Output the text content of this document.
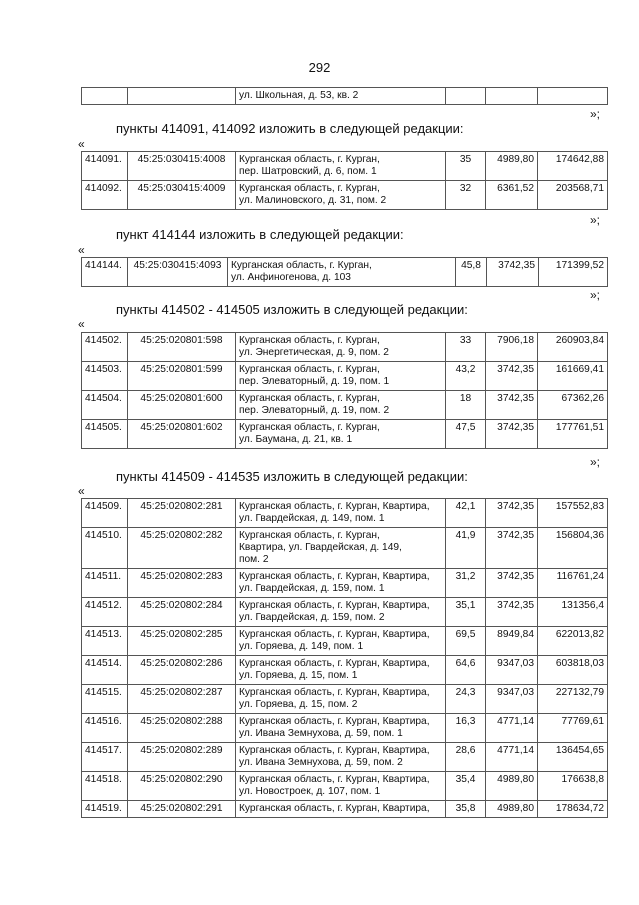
292
		ул. Школьная, д. 53, кв. 2			
»;
пункты 414091, 414092 изложить в следующей редакции:
«
414091.	45:25:030415:4008	Курганская область, г. Курган,
пер. Шатровский, д. 6, пом. 1	35	4989,80	174642,88
414092.	45:25:030415:4009	Курганская область, г. Курган,
ул. Малиновского, д. 31, пом. 2	32	6361,52	203568,71
»;
пункт 414144 изложить в следующей редакции:
«
414144.	45:25:030415:4093	Курганская область, г. Курган,
ул. Анфиногенова, д. 103	45,8	3742,35	171399,52
»;
пункты 414502 - 414505 изложить в следующей редакции:
«
414502.	45:25:020801:598	Курганская область, г. Курган,
ул. Энергетическая, д. 9, пом. 2	33	7906,18	260903,84
414503.	45:25:020801:599	Курганская область, г. Курган,
пер. Элеваторный, д. 19, пом. 1	43,2	3742,35	161669,41
414504.	45:25:020801:600	Курганская область, г. Курган,
пер. Элеваторный, д. 19, пом. 2	18	3742,35	67362,26
414505.	45:25:020801:602	Курганская область, г. Курган,
ул. Баумана, д. 21, кв. 1	47,5	3742,35	177761,51
»;
пункты 414509 - 414535 изложить в следующей редакции:
«
414509.	45:25:020802:281	Курганская область, г. Курган, Квартира,
ул. Гвардейская, д. 149, пом. 1	42,1	3742,35	157552,83
414510.	45:25:020802:282	Курганская область, г. Курган,
Квартира, ул. Гвардейская, д. 149,
пом. 2	41,9	3742,35	156804,36
414511.	45:25:020802:283	Курганская область, г. Курган, Квартира,
ул. Гвардейская, д. 159, пом. 1	31,2	3742,35	116761,24
414512.	45:25:020802:284	Курганская область, г. Курган, Квартира,
ул. Гвардейская, д. 159, пом. 2	35,1	3742,35	131356,4
414513.	45:25:020802:285	Курганская область, г. Курган, Квартира,
ул. Горяева, д. 149, пом. 1	69,5	8949,84	622013,82
414514.	45:25:020802:286	Курганская область, г. Курган, Квартира,
ул. Горяева, д. 15, пом. 1	64,6	9347,03	603818,03
414515.	45:25:020802:287	Курганская область, г. Курган, Квартира,
ул. Горяева, д. 15, пом. 2	24,3	9347,03	227132,79
414516.	45:25:020802:288	Курганская область, г. Курган, Квартира,
ул. Ивана Земнухова, д. 59, пом. 1	16,3	4771,14	77769,61
414517.	45:25:020802:289	Курганская область, г. Курган, Квартира,
ул. Ивана Земнухова, д. 59, пом. 2	28,6	4771,14	136454,65
414518.	45:25:020802:290	Курганская область, г. Курган, Квартира,
ул. Новостроек, д. 107, пом. 1	35,4	4989,80	176638,8
414519.	45:25:020802:291	Курганская область, г. Курган, Квартира,	35,8	4989,80	178634,72
